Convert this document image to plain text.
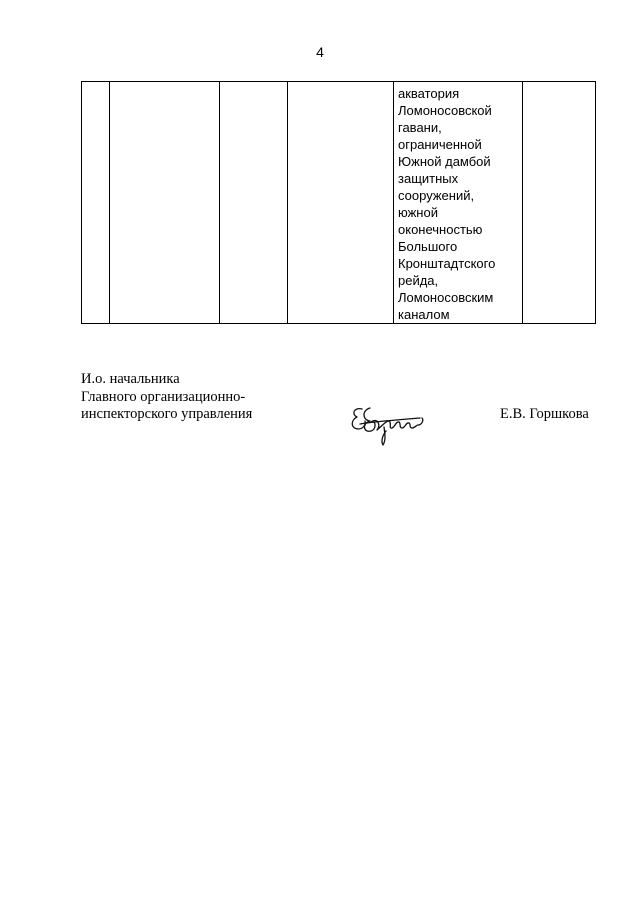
4

акватория
Ломоносовской
гавани,
ограниченной
Южной дамбой
защитных
сооружений,
южной
оконечностью
Большого
Кронштадтского
рейда,
Ломоносовским
каналом

И.о. начальника
Главного организационно-
инспекторского управления	Е.В. Горшкова
